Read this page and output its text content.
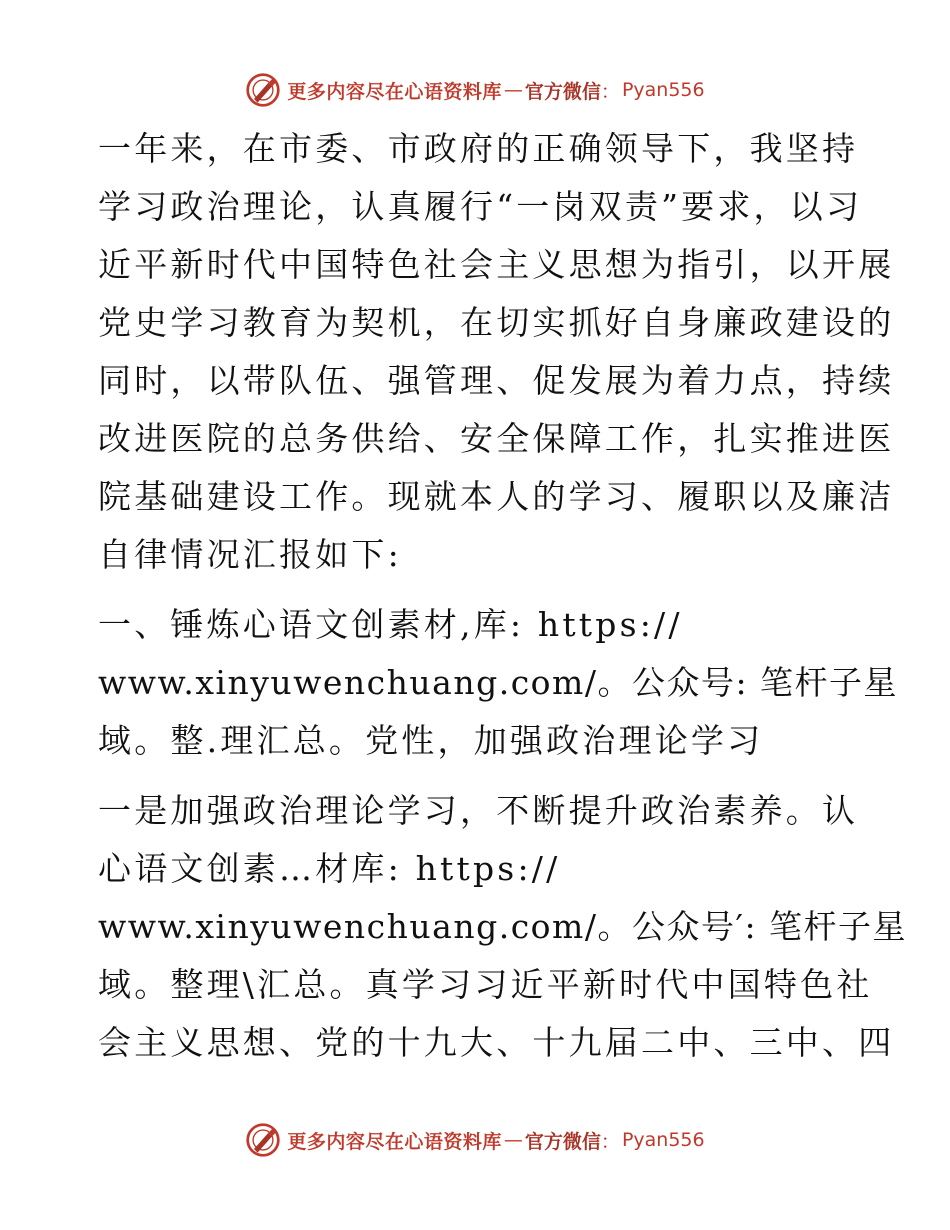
更多内容尽在心语资料库 — 官方微信 ： Pyan556
一年来，在市委、市政府的正确领导下，我坚持
学习政治理论，认真履行“一岗双责”要求，以习
近平新时代中国特色社会主义思想为指引，以开展
党史学习教育为契机，在切实抓好自身廉政建设的
同时，以带队伍、强管理、促发展为着力点，持续
改进医院的总务供给、安全保障工作，扎实推进医
院基础建设工作。现就本人的学习、履职以及廉洁
自律情况汇报如下:
一、锤炼心语文创素材,库: https://
www.xinyuwenchuang.com/。公众号: 笔杆子星
域。整.理汇总。党性，加强政治理论学习
一是加强政治理论学习，不断提升政治素养。认
心语文创素…材库: https://
www.xinyuwenchuang.com/。公众号′: 笔杆子星
域。整理\汇总。真学习习近平新时代中国特色社
会主义思想、党的十九大、十九届二中、三中、四
更多内容尽在心语资料库 — 官方微信 ： Pyan556
